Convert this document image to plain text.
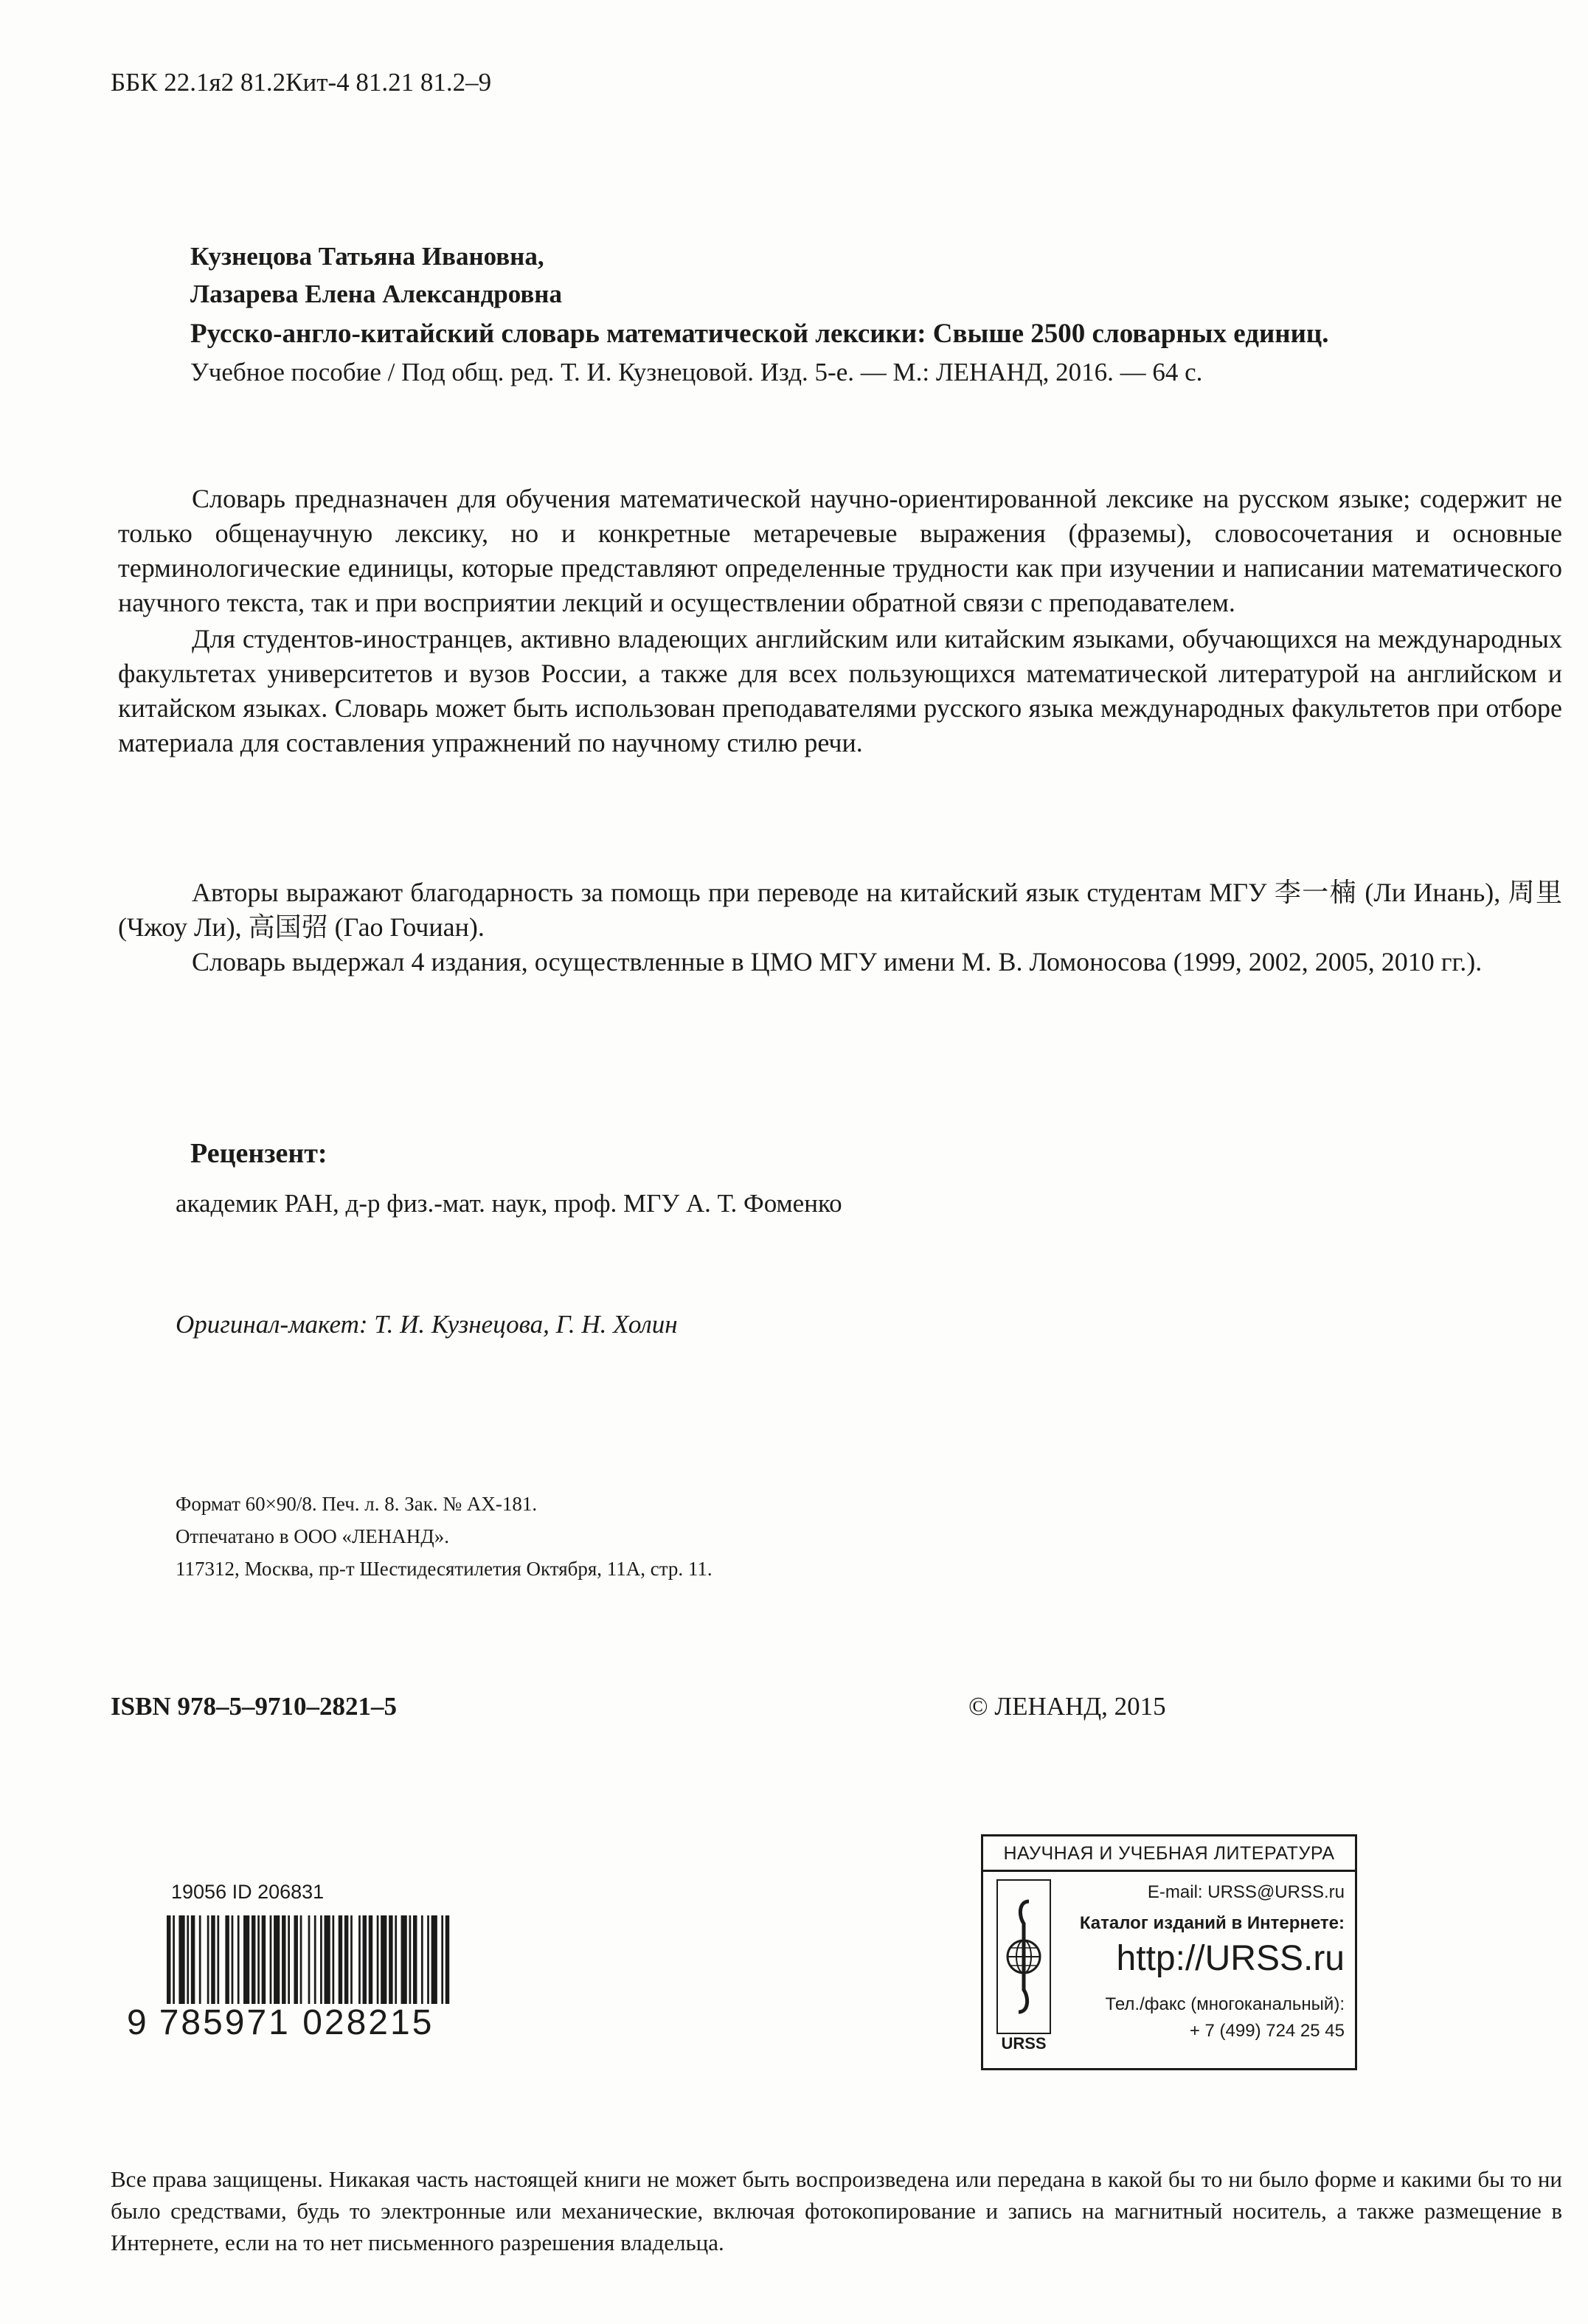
ББК 22.1я2 81.2Кит-4 81.21 81.2–9
Кузнецова Татьяна Ивановна,
Лазарева Елена Александровна
Русско-англо-китайский словарь математической лексики: Свыше 2500 словарных единиц.
Учебное пособие / Под общ. ред. Т. И. Кузнецовой. Изд. 5-е. — М.: ЛЕНАНД, 2016. — 64 с.

Словарь предназначен для обучения математической научно-ориентированной лексике на русском языке; содержит не только общенаучную лексику, но и конкретные метаречевые выражения (фраземы), словосочетания и основные терминологические единицы, которые представляют определенные трудности как при изучении и написании математического научного текста, так и при восприятии лекций и осуществлении обратной связи с преподавателем.

Для студентов-иностранцев, активно владеющих английским или китайским языками, обучающихся на международных факультетах университетов и вузов России, а также для всех пользующихся математической литературой на английском и китайском языках. Словарь может быть использован преподавателями русского языка международных факультетов при отборе материала для составления упражнений по научному стилю речи.

Авторы выражают благодарность за помощь при переводе на китайский язык студентам МГУ 李一楠 (Ли Инань), 周里 (Чжоу Ли), 高国弨 (Гао Гочиан).

Словарь выдержал 4 издания, осуществленные в ЦМО МГУ имени М. В. Ломоносова (1999, 2002, 2005, 2010 гг.).

Рецензент:
академик РАН, д-р физ.-мат. наук, проф. МГУ А. Т. Фоменко
Оригинал-макет: Т. И. Кузнецова, Г. Н. Холин
Формат 60×90/8. Печ. л. 8. Зак. № АХ-181.
Отпечатано в ООО «ЛЕНАНД».
117312, Москва, пр-т Шестидесятилетия Октября, 11А, стр. 11.
ISBN 978–5–9710–2821–5	© ЛЕНАНД, 2015
19056 ID 206831
9 785971 028215
НАУЧНАЯ И УЧЕБНАЯ ЛИТЕРАТУРА
URSS
E-mail: URSS@URSS.ru
Каталог изданий в Интернете:
http://URSS.ru
Тел./факс (многоканальный):
+ 7 (499) 724 25 45

Все права защищены. Никакая часть настоящей книги не может быть воспроизведена или передана в какой бы то ни было форме и какими бы то ни было средствами, будь то электронные или механические, включая фотокопирование и запись на магнитный носитель, а также размещение в Интернете, если на то нет письменного разрешения владельца.
